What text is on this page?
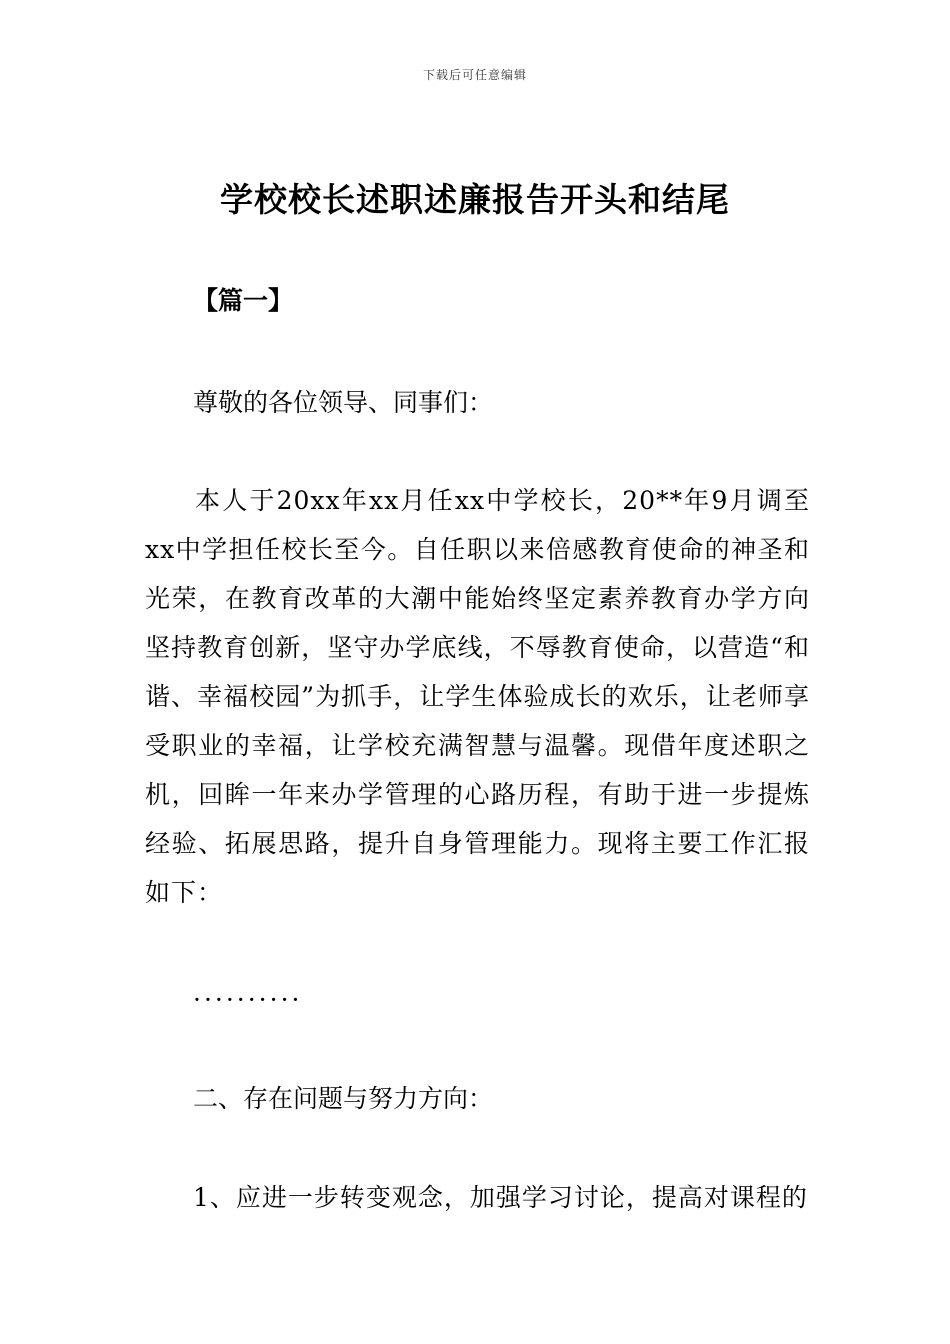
下载后可任意编辑
学校校长述职述廉报告开头和结尾
【篇一】
尊敬的各位领导、同事们：

本人于20xx年xx月任xx中学校长，20**年9月调至xx中学担任校长至今。自任职以来倍感教育使命的神圣和光荣，在教育改革的大潮中能始终坚定素养教育办学方向坚持教育创新，坚守办学底线，不辱教育使命，以营造“和谐、幸福校园”为抓手，让学生体验成长的欢乐，让老师享受职业的幸福，让学校充满智慧与温馨。现借年度述职之机，回眸一年来办学管理的心路历程，有助于进一步提炼经验、拓展思路，提升自身管理能力。现将主要工作汇报如下：

··········
二、存在问题与努力方向：
1、应进一步转变观念，加强学习讨论，提高对课程的
